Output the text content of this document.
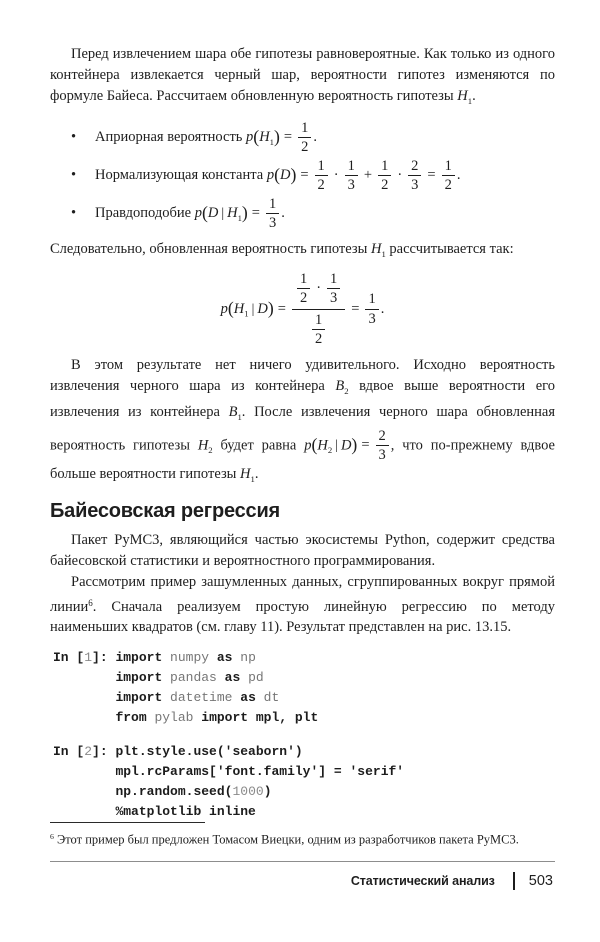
Перед извлечением шара обе гипотезы равновероятные. Как только из одного контейнера извлекается черный шар, вероятности гипотез изменяются по формуле Байеса. Рассчитаем обновленную вероятность гипотезы $H_1$.

• Априорная вероятность $p(H_1) = \frac{1}{2}$ .
• Нормализующая константа $p(D) = \frac{1}{2} \cdot \frac{1}{3} + \frac{1}{2} \cdot \frac{2}{3} = \frac{1}{2}$ .
• Правдоподобие p(D | $H_1) = \frac{1}{3}$ .

Следовательно, обновленная вероятность гипотезы $H_1$ рассчитывается так:

$p(H_1$ | $D) = \frac{\frac{1}{2} \cdot \frac{1}{3}}{\frac{1}{2}} = \frac{1}{3}$ .

В этом результате нет ничего удивительного. Исходно вероятность извлечения черного шара из контейнера $B_2$ вдвое выше вероятности его извлечения из контейнера $B_1$. После извлечения черного шара обновленная вероятность гипотезы $H_2$ будет равна $p(H_2$ | $D) = \frac{2}{3}$ , что по-прежнему вдвое больше вероятности гипотезы $H_1$.

Байесовская регрессия

Пакет PyMC3, являющийся частью экосистемы Python, содержит средства байесовской статистики и вероятностного программирования.

Рассмотрим пример зашумленных данных, сгруппированных вокруг прямой линии$^6$. Сначала реализуем простую линейную регрессию по методу наименьших квадратов (см. главу 11). Результат представлен на рис. 13.15.

In [1]: import numpy as np
import pandas as pd
import datetime as dt
from pylab import mpl, plt
In [2]: plt.style.use('seaborn')
mpl.rcParams['font.family'] = 'serif'
np.random.seed(1000)
%matplotlib inline

$^6$ Этот пример был предложен Томасом Виецки, одним из разработчиков пакета PyMC3.

Статистический анализ 503
